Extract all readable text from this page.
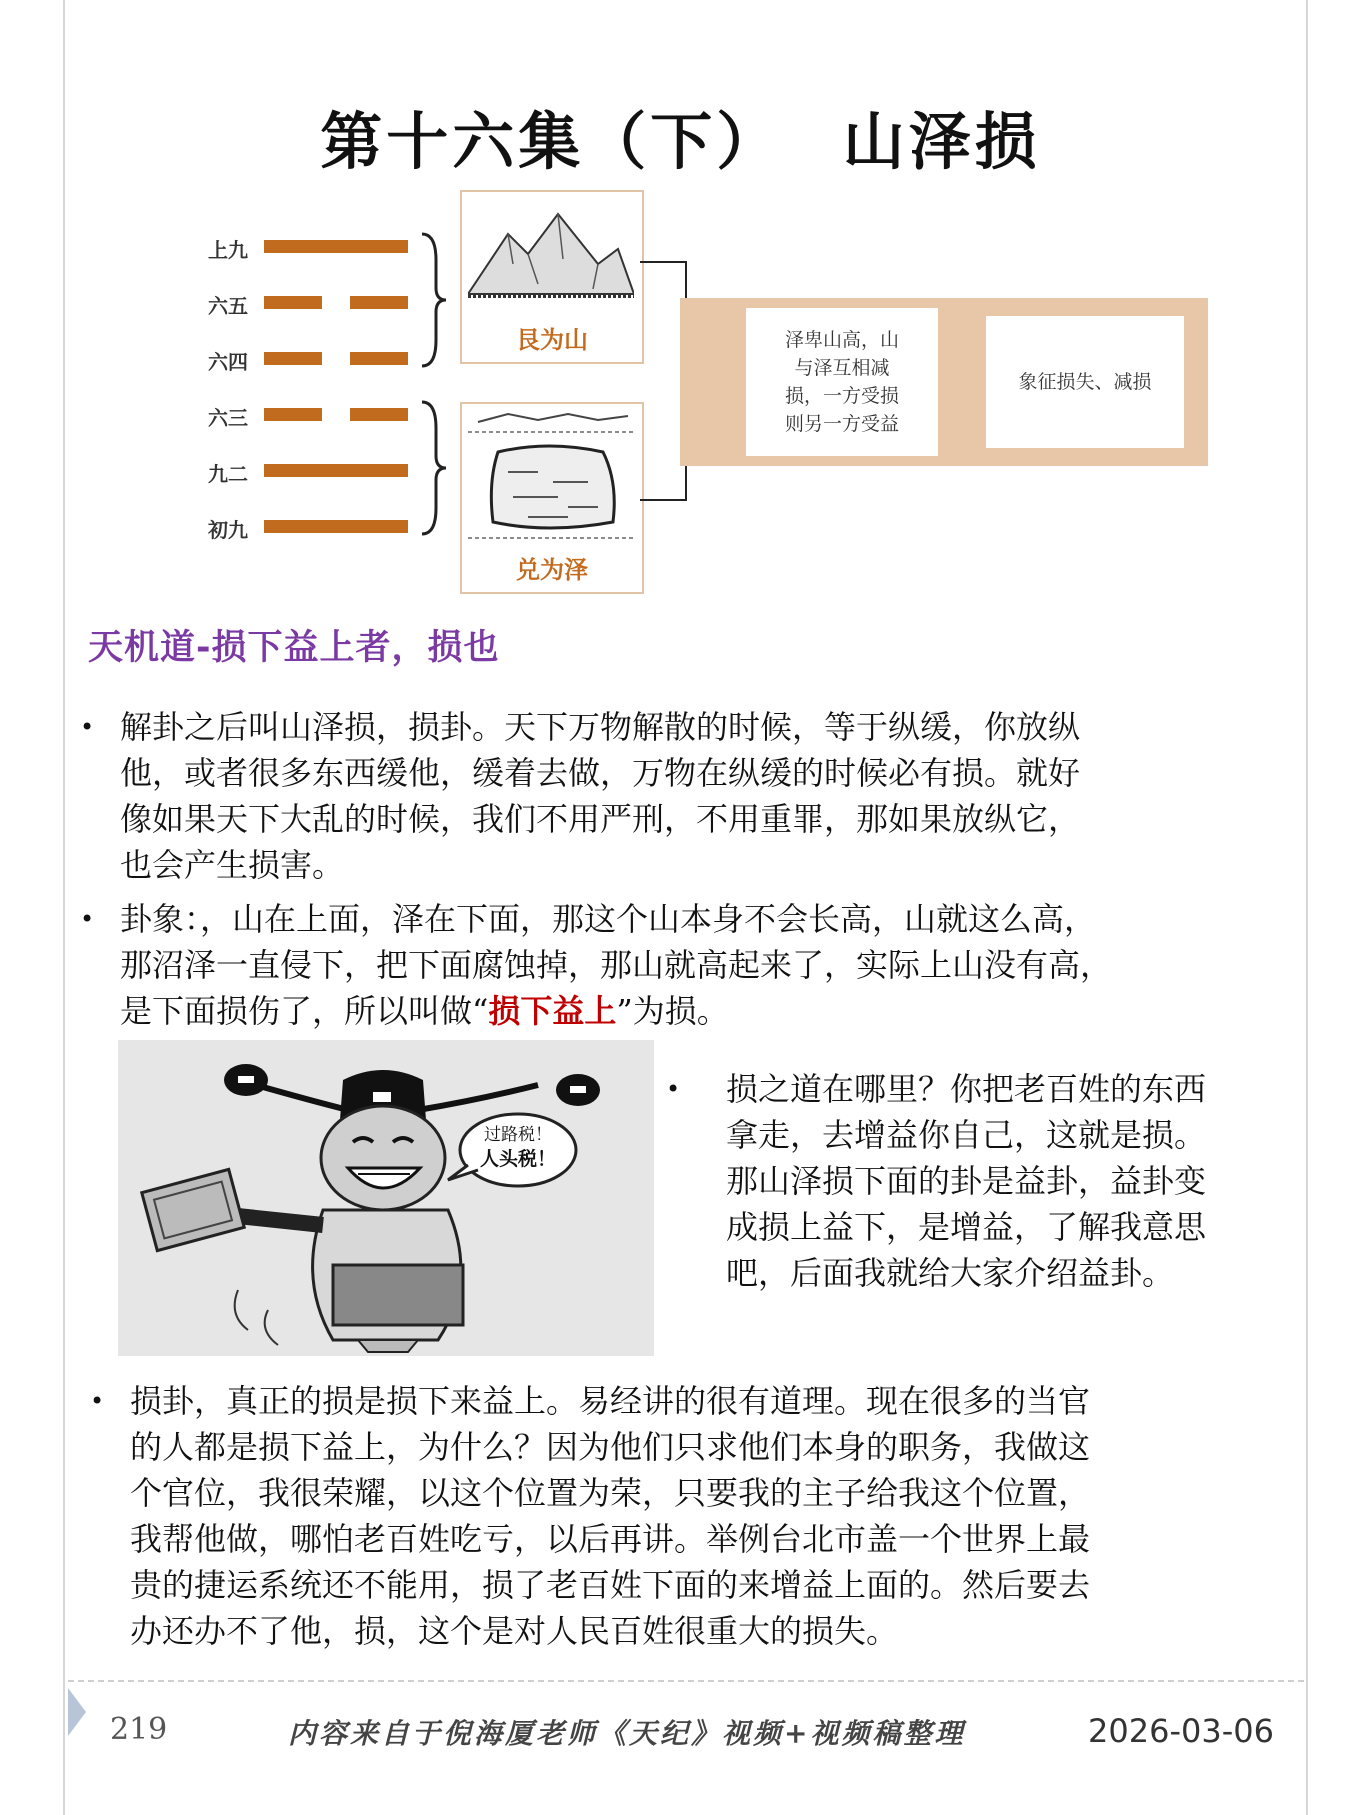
第十六集（下）　 山泽损
上九
六五
六四
六三
九二
初九
艮为山
兑为泽
泽卑山高，山
与泽互相减
损，一方受损
则另一方受益
象征损失、减损
天机道-损下益上者，损也
• 解卦之后叫山泽损，损卦。天下万物解散的时候，等于纵缓，你放纵
他，或者很多东西缓他，缓着去做，万物在纵缓的时候必有损。就好
像如果天下大乱的时候，我们不用严刑，不用重罪，那如果放纵它，
也会产生损害。
• 卦象：，山在上面，泽在下面，那这个山本身不会长高，山就这么高，
那沼泽一直侵下，把下面腐蚀掉，那山就高起来了，实际上山没有高，
是下面损伤了，所以叫做“损下益上”为损。
过路税！
人头税！
• 损之道在哪里？你把老百姓的东西
拿走，去增益你自己，这就是损。
那山泽损下面的卦是益卦，益卦变
成损上益下，是增益，了解我意思
吧，后面我就给大家介绍益卦。
• 损卦，真正的损是损下来益上。易经讲的很有道理。现在很多的当官
的人都是损下益上，为什么？因为他们只求他们本身的职务，我做这
个官位，我很荣耀，以这个位置为荣，只要我的主子给我这个位置，
我帮他做，哪怕老百姓吃亏，以后再讲。举例台北市盖一个世界上最
贵的捷运系统还不能用，损了老百姓下面的来增益上面的。然后要去
办还办不了他，损，这个是对人民百姓很重大的损失。
219	内容来自于倪海厦老师《天纪》视频+视频稿整理	2026-03-06
